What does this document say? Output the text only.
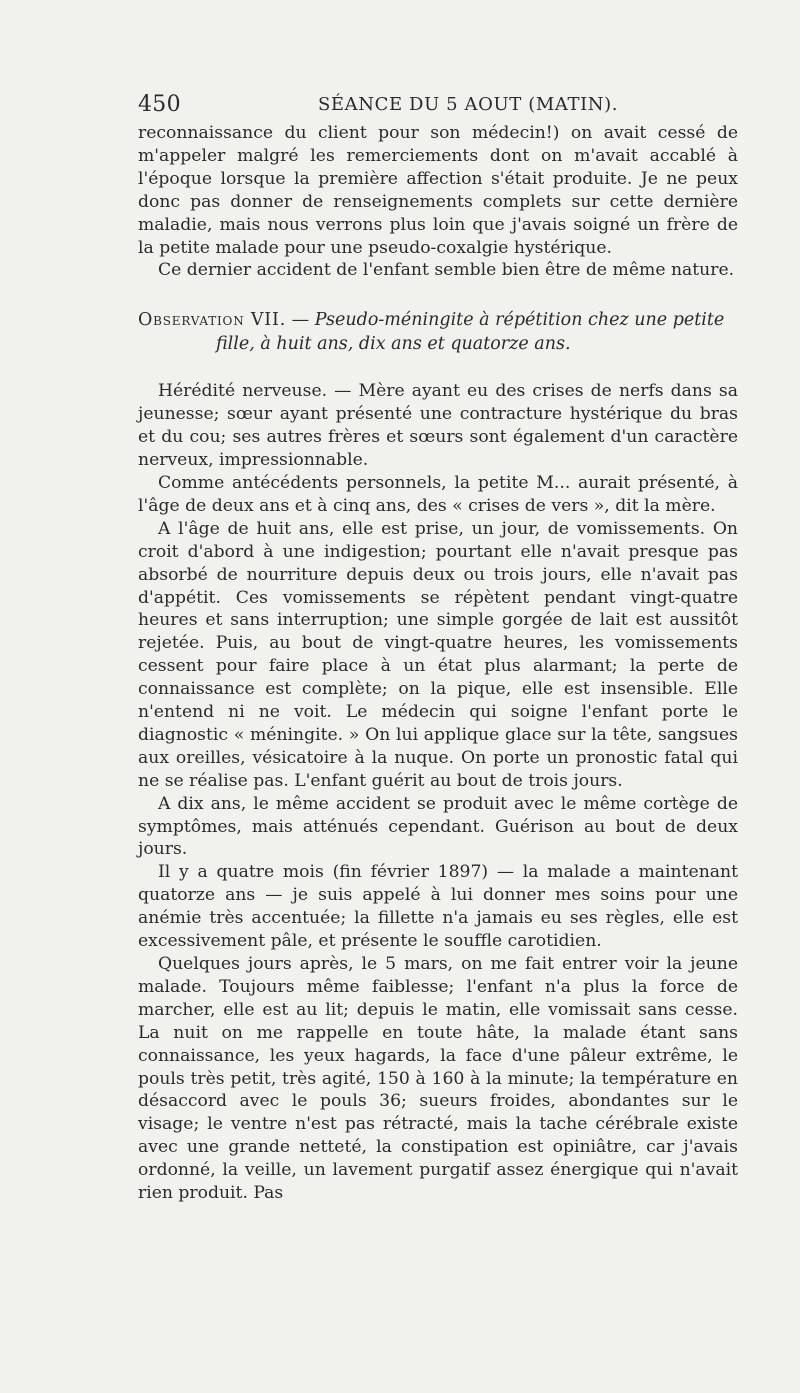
450	SÉANCE DU 5 AOUT (MATIN).

reconnaissance du client pour son médecin!) on avait cessé de m'appeler malgré les remerciements dont on m'avait accablé à l'époque lorsque la première affection s'était produite. Je ne peux donc pas donner de renseignements complets sur cette dernière maladie, mais nous verrons plus loin que j'avais soigné un frère de la petite malade pour une pseudo-coxalgie hystérique.

Ce dernier accident de l'enfant semble bien être de même nature.

Observation VII. — Pseudo-méningite à répétition chez une petite
fille, à huit ans, dix ans et quatorze ans.

Hérédité nerveuse. — Mère ayant eu des crises de nerfs dans sa jeunesse; sœur ayant présenté une contracture hystérique du bras et du cou; ses autres frères et sœurs sont également d'un caractère nerveux, impressionnable.

Comme antécédents personnels, la petite M... aurait présenté, à l'âge de deux ans et à cinq ans, des « crises de vers », dit la mère.

A l'âge de huit ans, elle est prise, un jour, de vomissements. On croit d'abord à une indigestion; pourtant elle n'avait presque pas absorbé de nourriture depuis deux ou trois jours, elle n'avait pas d'appétit. Ces vomissements se répètent pendant vingt-quatre heures et sans interruption; une simple gorgée de lait est aussitôt rejetée. Puis, au bout de vingt-quatre heures, les vomissements cessent pour faire place à un état plus alarmant; la perte de connaissance est complète; on la pique, elle est insensible. Elle n'entend ni ne voit. Le médecin qui soigne l'enfant porte le diagnostic « méningite. » On lui applique glace sur la tête, sangsues aux oreilles, vésicatoire à la nuque. On porte un pronostic fatal qui ne se réalise pas. L'enfant guérit au bout de trois jours.

A dix ans, le même accident se produit avec le même cortège de symptômes, mais atténués cependant. Guérison au bout de deux jours.

Il y a quatre mois (fin février 1897) — la malade a maintenant quatorze ans — je suis appelé à lui donner mes soins pour une anémie très accentuée; la fillette n'a jamais eu ses règles, elle est excessivement pâle, et présente le souffle carotidien.

Quelques jours après, le 5 mars, on me fait entrer voir la jeune malade. Toujours même faiblesse; l'enfant n'a plus la force de marcher, elle est au lit; depuis le matin, elle vomissait sans cesse. La nuit on me rappelle en toute hâte, la malade étant sans connaissance, les yeux hagards, la face d'une pâleur extrême, le pouls très petit, très agité, 150 à 160 à la minute; la température en désaccord avec le pouls 36; sueurs froides, abondantes sur le visage; le ventre n'est pas rétracté, mais la tache cérébrale existe avec une grande netteté, la constipation est opiniâtre, car j'avais ordonné, la veille, un lavement purgatif assez énergique qui n'avait rien produit. Pas
